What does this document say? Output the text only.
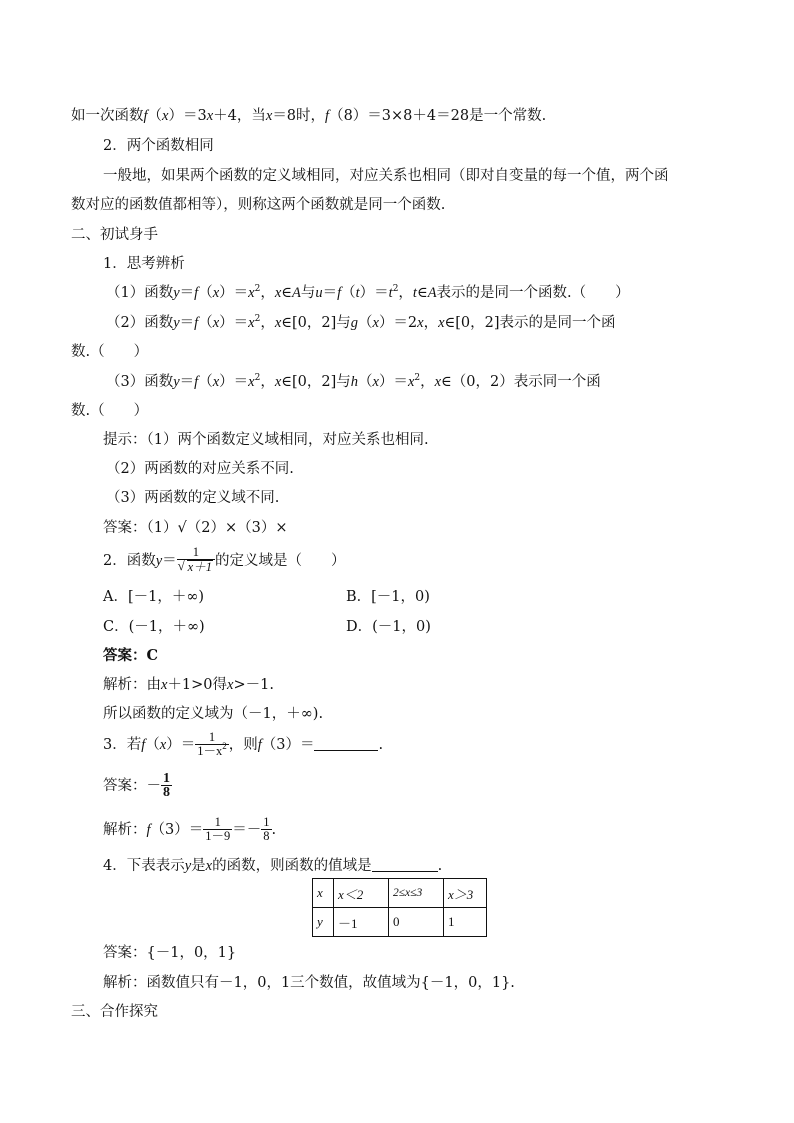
如一次函数f（x）＝3x＋4，当x＝8时，f（8）＝3×8＋4＝28是一个常数.
2．两个函数相同
一般地，如果两个函数的定义域相同，对应关系也相同（即对自变量的每一个值，两个函
数对应的函数值都相等），则称这两个函数就是同一个函数.
二、初试身手
1．思考辨析
（1）函数$y=f(x)=x^2$，x∈A与$u=f(t)=t^2$，t∈A表示的是同一个函数.（　　）
（2）函数$y=f(x)=x^2$，x∈[0，2]与g（x）＝2x，x∈[0，2]表示的是同一个函
数.（　　）
（3）函数$y=f(x)=x^2$，x∈[0，2]与$h(x)=x^2$，x∈（0，2）表示同一个函
数.（　　）
提示：（1）两个函数定义域相同，对应关系也相同.
（2）两函数的对应关系不同.
（3）两函数的定义域不同.
答案：（1）√（2）×（3）×
2．函数y＝ 1
√ x＋1 的定义域是（　　）
A．[－1，＋∞)	B．[－1，0)
C．(－1，＋∞)	D．(－1，0)
答案：C
解析：由x＋1>0得x>－1.
所以函数的定义域为（－1，＋∞).
3．若$f(x)= \frac{1}{1-x^2}$ ，则f（3）＝	.
答案：－ $\frac{1}{8}$
解析：$f(3)= \frac{1}{1-9} =- \frac{1}{8}$ .
4．下表表示y是x的函数，则函数的值域是	.
x	x＜2	2≤x≤3	x＞3
y	－1	0	1
答案：{－1，0，1}
解析：函数值只有－1，0，1三个数值，故值域为{－1，0，1}.
三、合作探究
